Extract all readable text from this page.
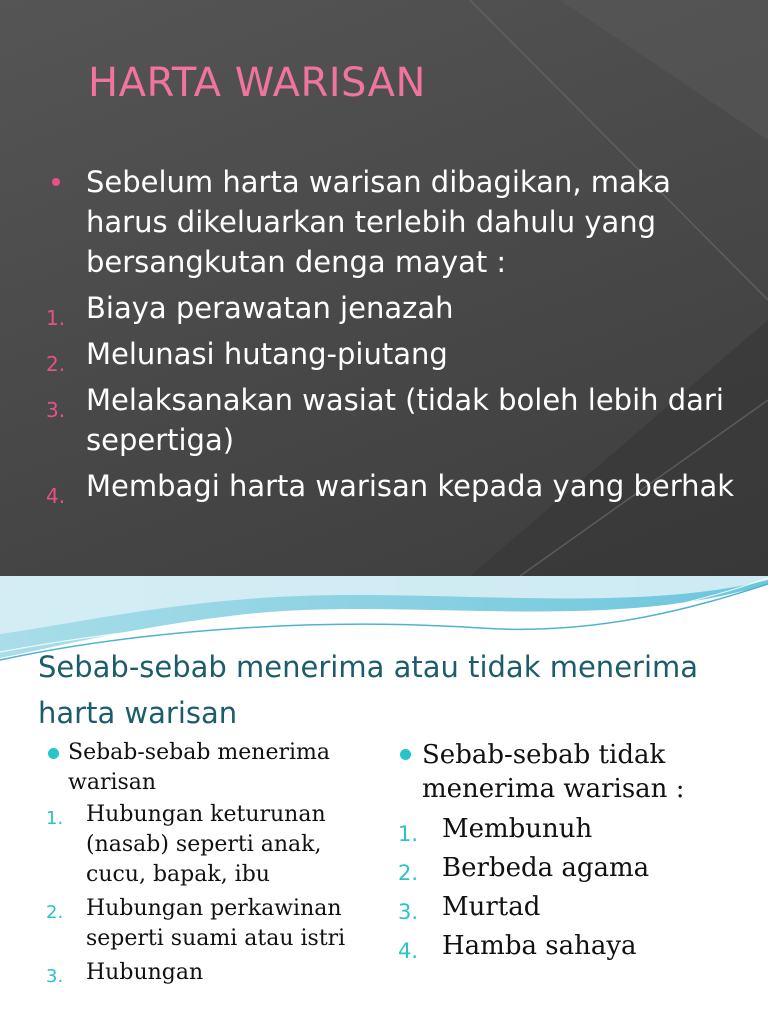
HARTA WARISAN
Sebelum harta warisan dibagikan, maka harus dikeluarkan terlebih dahulu yang bersangkutan denga mayat :
1. Biaya perawatan jenazah
2. Melunasi hutang-piutang
3. Melaksanakan wasiat (tidak boleh lebih dari sepertiga)
4. Membagi harta warisan kepada yang berhak
Sebab-sebab menerima atau tidak menerima harta warisan
Sebab-sebab menerima warisan
1. Hubungan keturunan (nasab) seperti anak, cucu, bapak, ibu
2. Hubungan perkawinan seperti suami atau istri
3. Hubungan
Sebab-sebab tidak menerima warisan :
1. Membunuh
2. Berbeda agama
3. Murtad
4. Hamba sahaya
